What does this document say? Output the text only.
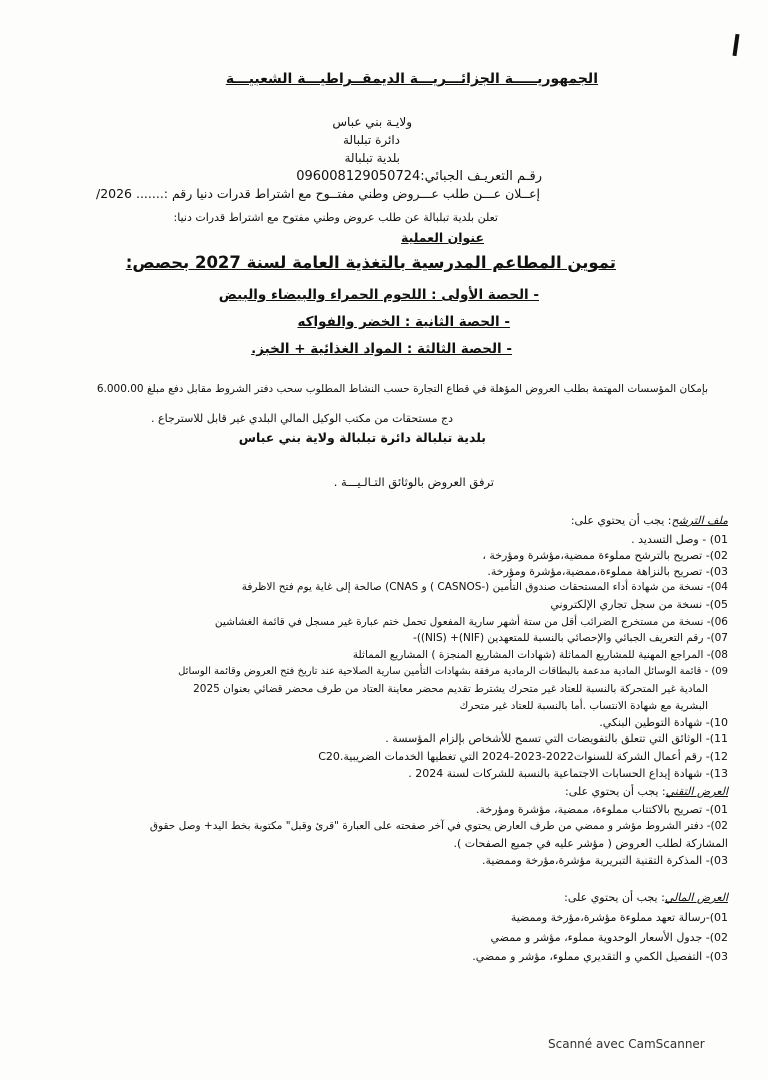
الجمهوريـــــة الجزائـــريـــة الديمقــراطيـــة الشعبيـــة
ولايـة بني عباس
دائرة تبلبالة
بلدية تبلبالة
رقـم التعريـف الجبائي:096008129050724
إعــلان عـــن طلب عـــروض وطني مفتــوح مع اشتراط قدرات دنيا رقم :....... 2026/
تعلن بلدية تبلبالة عن طلب عروض وطني مفتوح مع اشتراط قدرات دنيا:
عنوان العملية
تموين المطاعم المدرسية بالتغذية العامة لسنة 2027 بحصص:
- الحصة الأولى : اللحوم الحمراء والبيضاء والبيض
- الحصة الثانية : الخضر والفواكه
- الحصة الثالثة : المواد الغذائية + الخبز.
بإمكان المؤسسات المهتمة بطلب العروض المؤهلة في قطاع التجارة حسب النشاط المطلوب سحب دفتر الشروط مقابل دفع مبلغ 6.000.00
دج مستحقات من مكتب الوكيل المالي البلدي غير قابل للاسترجاع .
بلدية تبلبالة دائرة تبلبالة ولاية بني عباس
ترفق العروض بالوثائق التـالـيـــة .
ملف الترشح: يجب أن يحتوي على:
01) - وصل التسديد .
02)- تصريح بالترشح مملوءة ممضية،مؤشرة ومؤرخة ،
03)- تصريح بالنزاهة مملوءة،ممضية،مؤشرة ومؤرخة.
04)- نسخة من شهادة أداء المستحقات صندوق التأمين (-CASNOS ) و CNAS) صالحة إلى غاية يوم فتح الاظرفة
05)- نسخة من سجل تجاري الإلكتروني
06)- نسخة من مستخرج الضرائب أقل من ستة أشهر سارية المفعول تحمل ختم عبارة غير مسجل في قائمة الغشاشين
07)- رقم التعريف الجبائي والإحصائي بالنسبة للمتعهدين (NIF)+ (NIS))-
08)- المراجع المهنية للمشاريع المماثلة (شهادات المشاريع المنجزة ) المشاريع المماثلة
09) - قائمة الوسائل المادية مدعمة بالبطاقات الرمادية مرفقة بشهادات التأمين سارية الصلاحية عند تاريخ فتح العروض وقائمة الوسائل
المادية غير المتحركة بالنسبة للعتاد غير متحرك يشترط تقديم محضر معاينة العتاد من طرف محضر قضائي بعنوان 2025
البشرية مع شهادة الانتساب .أما بالنسبة للعتاد غير متحرك
10)- شهادة التوطين البنكي.
11)- الوثائق التي تتعلق بالتفويضات التي تسمح للأشخاص بإلزام المؤسسة .
12)- رقم أعمال الشركة للسنوات2022-2023-2024 التي تغطيها الخدمات الضريبية.C20
13)- شهادة إيداع الحسابات الاجتماعية بالنسبة للشركات لسنة 2024 .
العرض التقني: يجب أن يحتوي على:
01)- تصريح بالاكتتاب مملوءة، ممضية، مؤشرة ومؤرخة.
02)- دفتر الشروط مؤشر و ممضي من طرف العارض يحتوي في آخر صفحته على العبارة "قرئ وقبل" مكتوبة بخط اليد+ وصل حقوق
المشاركة لطلب العروض ( مؤشر عليه في جميع الصفحات ).
03)- المذكرة التقنية التبريرية مؤشرة،مؤرخة وممضية.
العرض المالي: يجب أن يحتوي على:
01)-رسالة تعهد مملوءة مؤشرة،مؤرخة وممضية
02)- جدول الأسعار الوحدوية مملوء، مؤشر و ممضي
03)- التفصيل الكمي و التقديري مملوء، مؤشر و ممضي.
Scanné avec CamScanner
